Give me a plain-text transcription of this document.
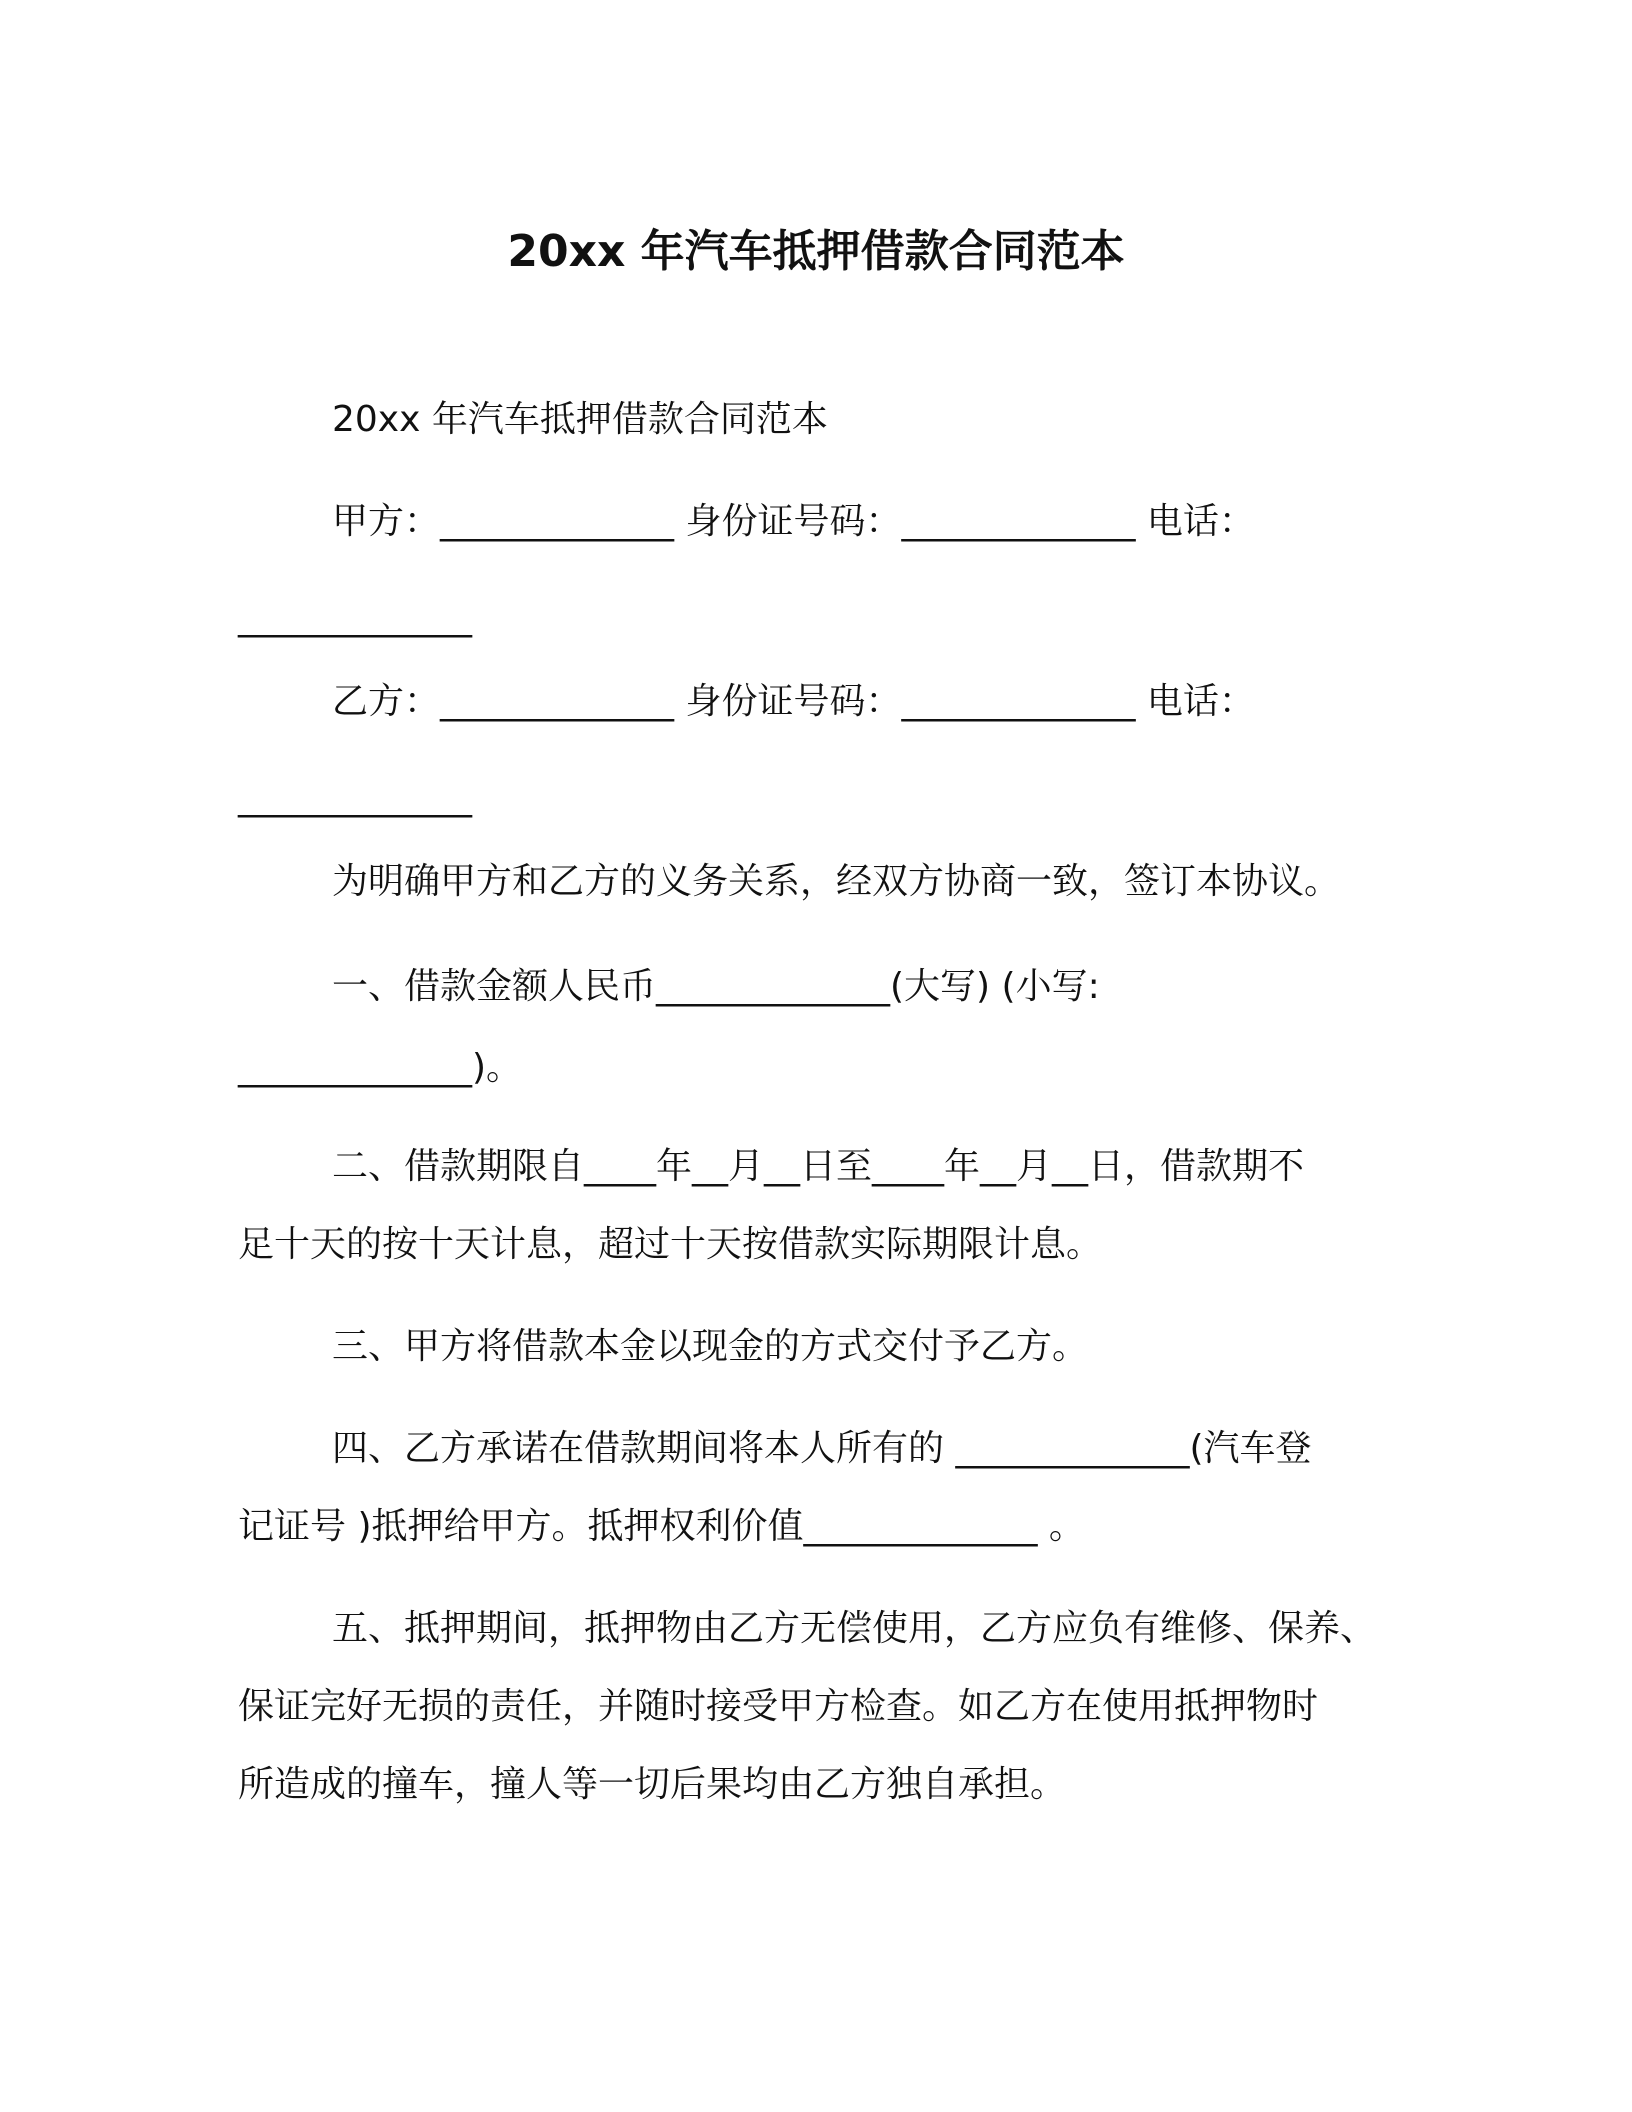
20xx 年汽车抵押借款合同范本
20xx 年汽车抵押借款合同范本
甲方：_____________ 身份证号码：_____________ 电话：
_____________
乙方：_____________ 身份证号码：_____________ 电话：
_____________
为明确甲方和乙方的义务关系，经双方协商一致，签订本协议。
一、借款金额人民币_____________(大写) (小写:
_____________)。
二、借款期限自____年__月__日至____年__月__日，借款期不
足十天的按十天计息，超过十天按借款实际期限计息。
三、甲方将借款本金以现金的方式交付予乙方。
四、乙方承诺在借款期间将本人所有的 _____________(汽车登
记证号 )抵押给甲方。抵押权利价值_____________ 。
五、抵押期间，抵押物由乙方无偿使用，乙方应负有维修、保养、
保证完好无损的责任，并随时接受甲方检查。如乙方在使用抵押物时
所造成的撞车，撞人等一切后果均由乙方独自承担。
